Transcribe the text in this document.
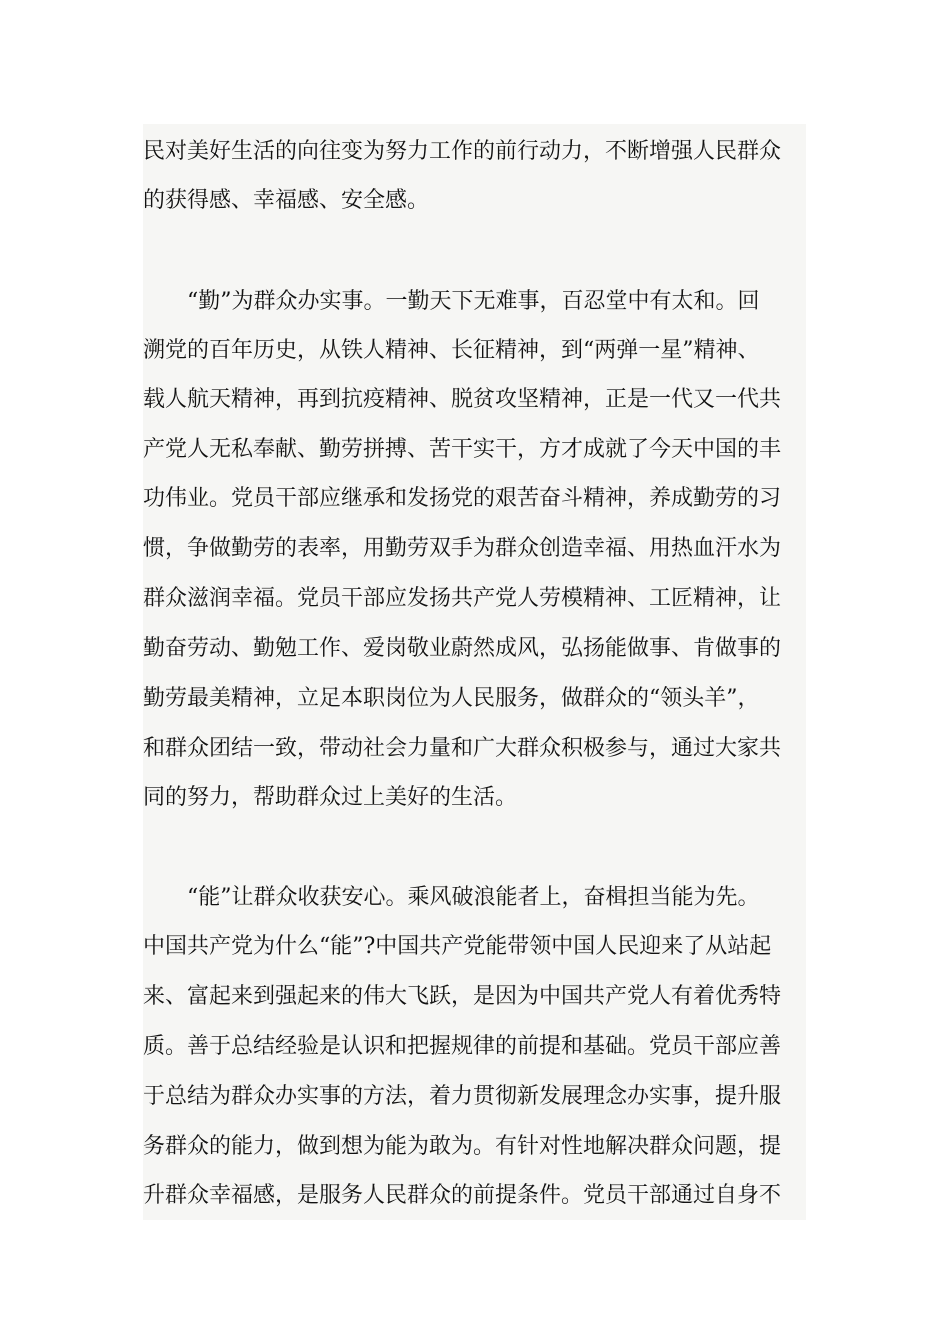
民对美好生活的向往变为努力工作的前行动力，不断增强人民群众
的获得感、幸福感、安全感。
“勤”为群众办实事。一勤天下无难事，百忍堂中有太和。回
溯党的百年历史，从铁人精神、长征精神，到“两弹一星”精神、
载人航天精神，再到抗疫精神、脱贫攻坚精神，正是一代又一代共
产党人无私奉献、勤劳拼搏、苦干实干，方才成就了今天中国的丰
功伟业。党员干部应继承和发扬党的艰苦奋斗精神，养成勤劳的习
惯，争做勤劳的表率，用勤劳双手为群众创造幸福、用热血汗水为
群众滋润幸福。党员干部应发扬共产党人劳模精神、工匠精神，让
勤奋劳动、勤勉工作、爱岗敬业蔚然成风，弘扬能做事、肯做事的
勤劳最美精神，立足本职岗位为人民服务，做群众的“领头羊”，
和群众团结一致，带动社会力量和广大群众积极参与，通过大家共
同的努力，帮助群众过上美好的生活。
“能”让群众收获安心。乘风破浪能者上，奋楫担当能为先。
中国共产党为什么“能”?中国共产党能带领中国人民迎来了从站起
来、富起来到强起来的伟大飞跃，是因为中国共产党人有着优秀特
质。善于总结经验是认识和把握规律的前提和基础。党员干部应善
于总结为群众办实事的方法，着力贯彻新发展理念办实事，提升服
务群众的能力，做到想为能为敢为。有针对性地解决群众问题，提
升群众幸福感，是服务人民群众的前提条件。党员干部通过自身不
